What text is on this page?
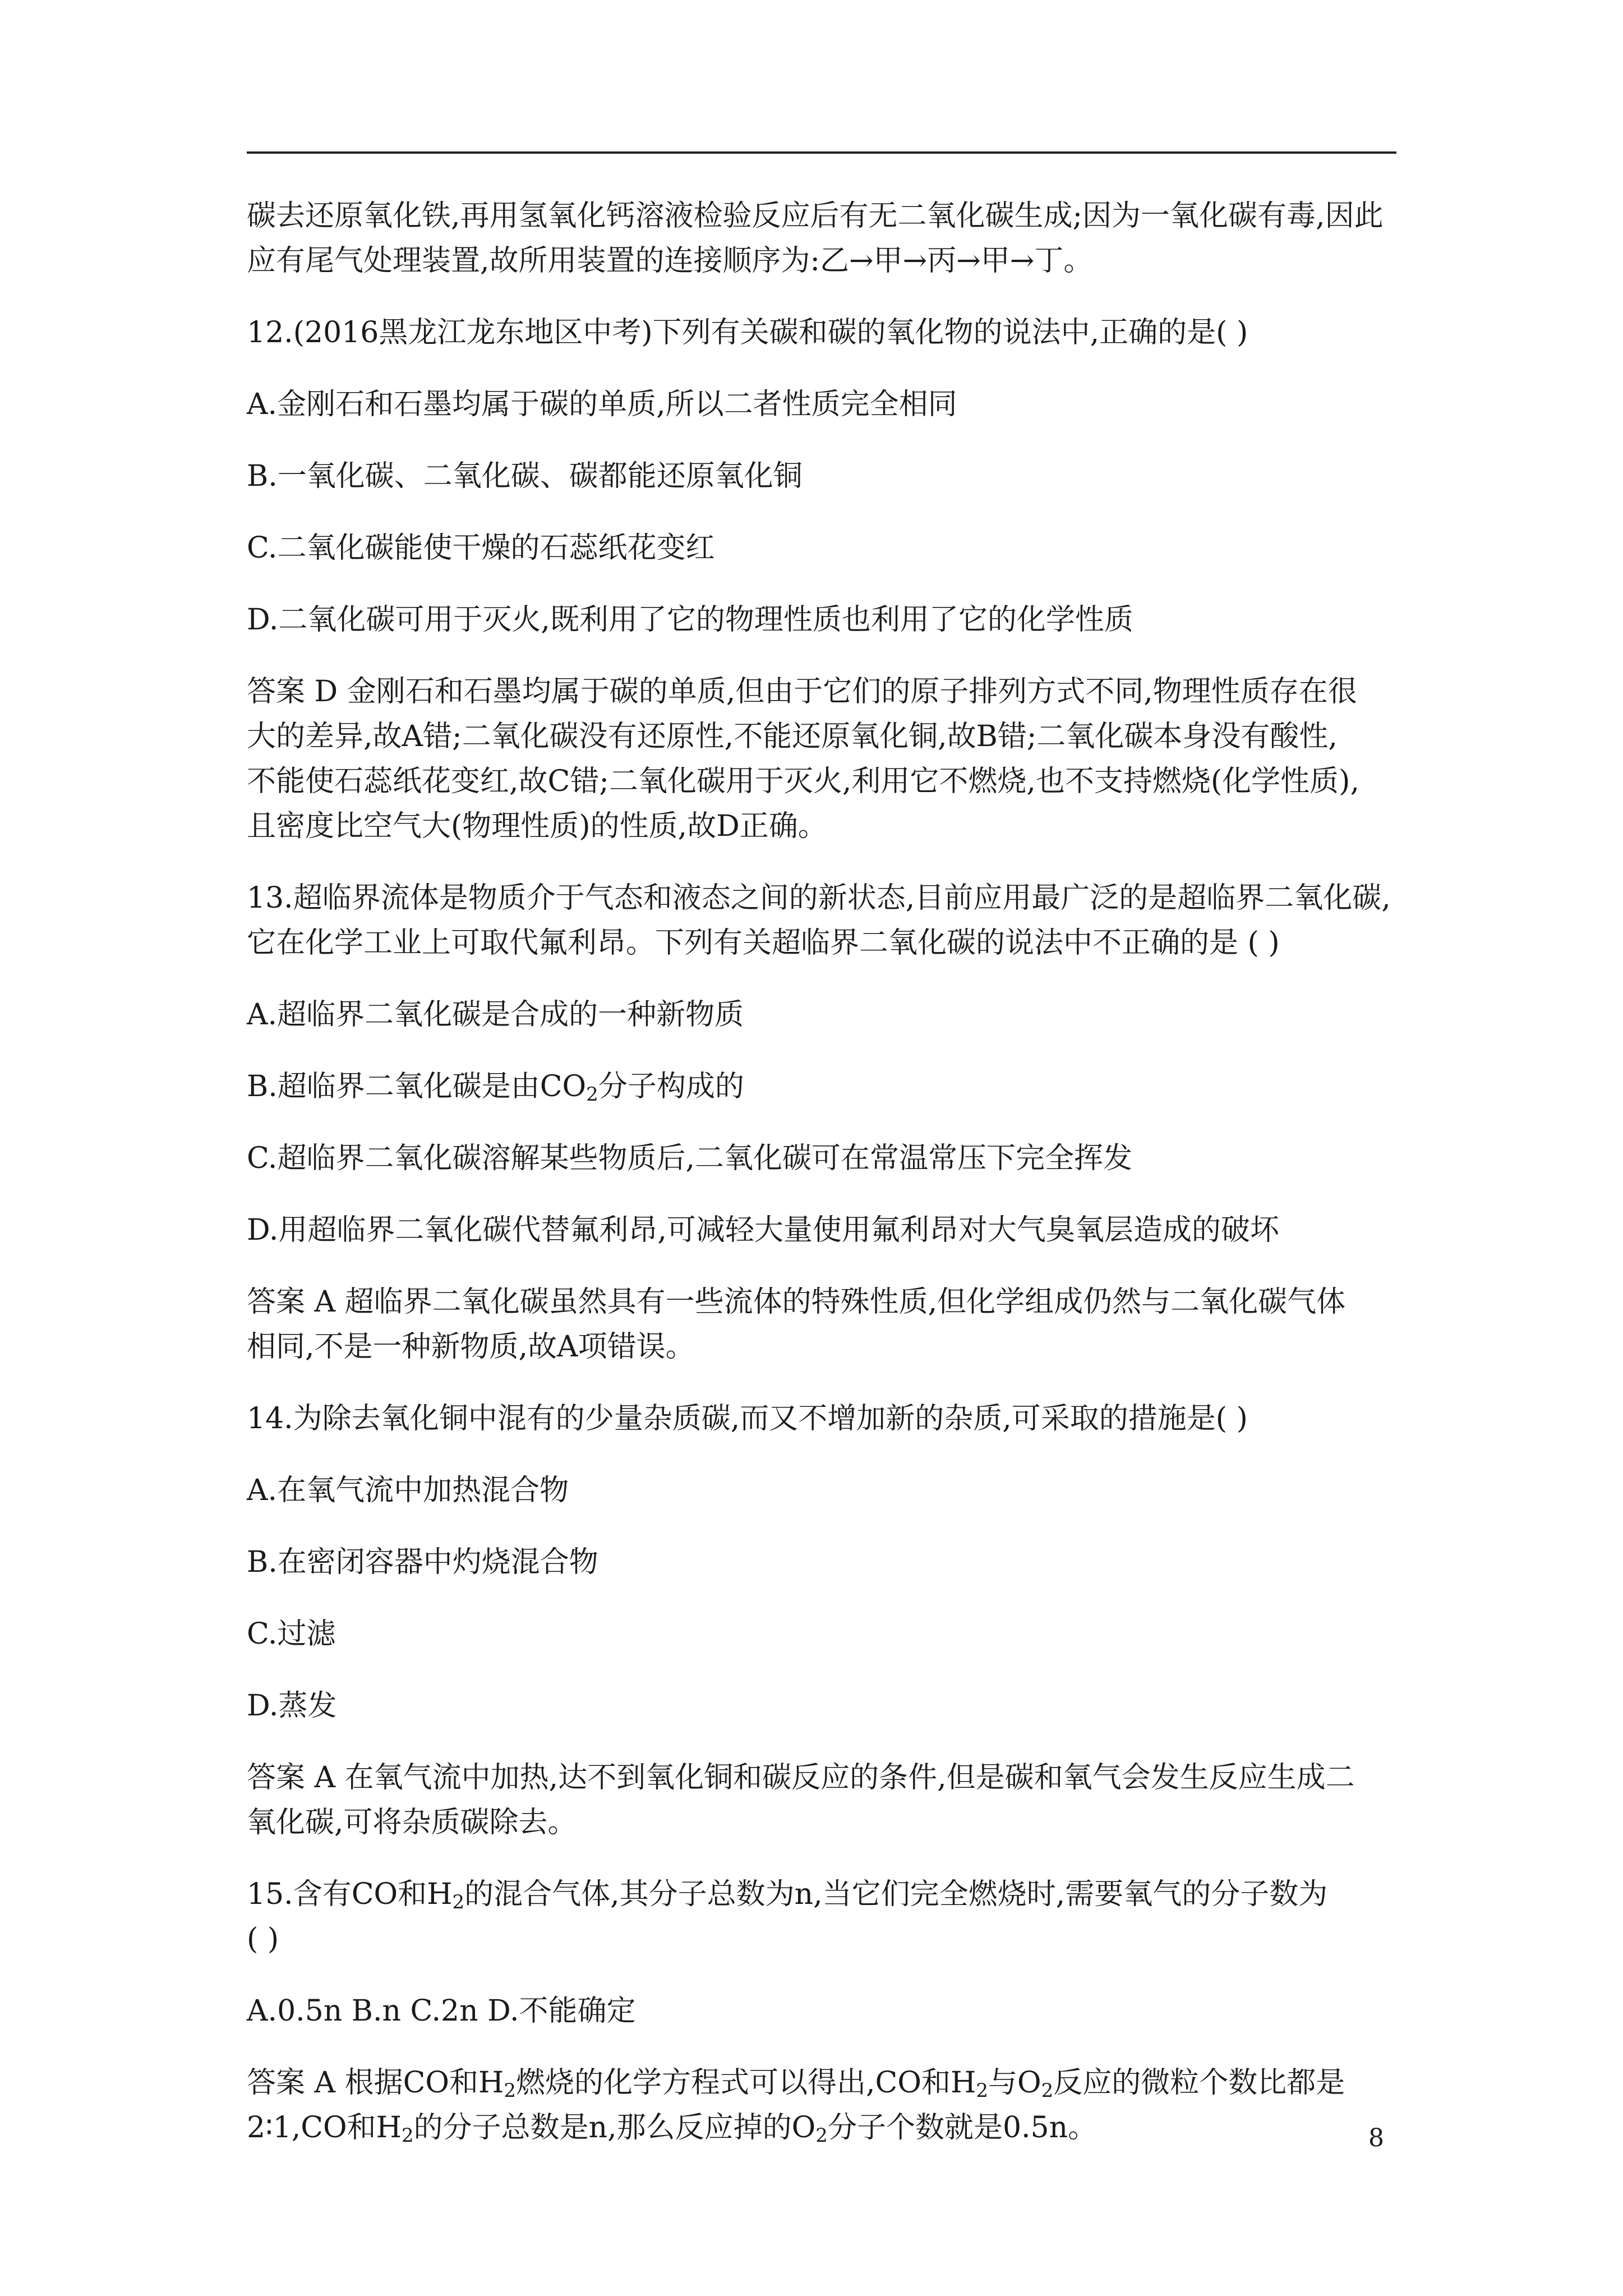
碳去还原氧化铁,再用氢氧化钙溶液检验反应后有无二氧化碳生成;因为一氧化碳有毒,因此

应有尾气处理装置,故所用装置的连接顺序为:乙→甲→丙→甲→丁。

12.(2016黑龙江龙东地区中考)下列有关碳和碳的氧化物的说法中,正确的是( )

A.金刚石和石墨均属于碳的单质,所以二者性质完全相同

B.一氧化碳、二氧化碳、碳都能还原氧化铜

C.二氧化碳能使干燥的石蕊纸花变红

D.二氧化碳可用于灭火,既利用了它的物理性质也利用了它的化学性质

答案 D 金刚石和石墨均属于碳的单质,但由于它们的原子排列方式不同,物理性质存在很

大的差异,故A错;二氧化碳没有还原性,不能还原氧化铜,故B错;二氧化碳本身没有酸性,

不能使石蕊纸花变红,故C错;二氧化碳用于灭火,利用它不燃烧,也不支持燃烧(化学性质),

且密度比空气大(物理性质)的性质,故D正确。

13.超临界流体是物质介于气态和液态之间的新状态,目前应用最广泛的是超临界二氧化碳,

它在化学工业上可取代氟利昂。下列有关超临界二氧化碳的说法中不正确的是 ( )

A.超临界二氧化碳是合成的一种新物质

B.超临界二氧化碳是由$CO_2$分子构成的

C.超临界二氧化碳溶解某些物质后,二氧化碳可在常温常压下完全挥发

D.用超临界二氧化碳代替氟利昂,可减轻大量使用氟利昂对大气臭氧层造成的破坏

答案 A 超临界二氧化碳虽然具有一些流体的特殊性质,但化学组成仍然与二氧化碳气体

相同,不是一种新物质,故A项错误。

14.为除去氧化铜中混有的少量杂质碳,而又不增加新的杂质,可采取的措施是( )

A.在氧气流中加热混合物

B.在密闭容器中灼烧混合物

C.过滤

D.蒸发

答案 A 在氧气流中加热,达不到氧化铜和碳反应的条件,但是碳和氧气会发生反应生成二

氧化碳,可将杂质碳除去。

15.含有CO和$H_2$的混合气体,其分子总数为n,当它们完全燃烧时,需要氧气的分子数为

( )

A.0.5n B.n C.2n D.不能确定

答案 A 根据CO和$H_2$燃烧的化学方程式可以得出,CO和$H_2$与$O_2$反应的微粒个数比都是

2∶1,CO和$H_2$的分子总数是n,那么反应掉的$O_2$分子个数就是0.5n。	8
